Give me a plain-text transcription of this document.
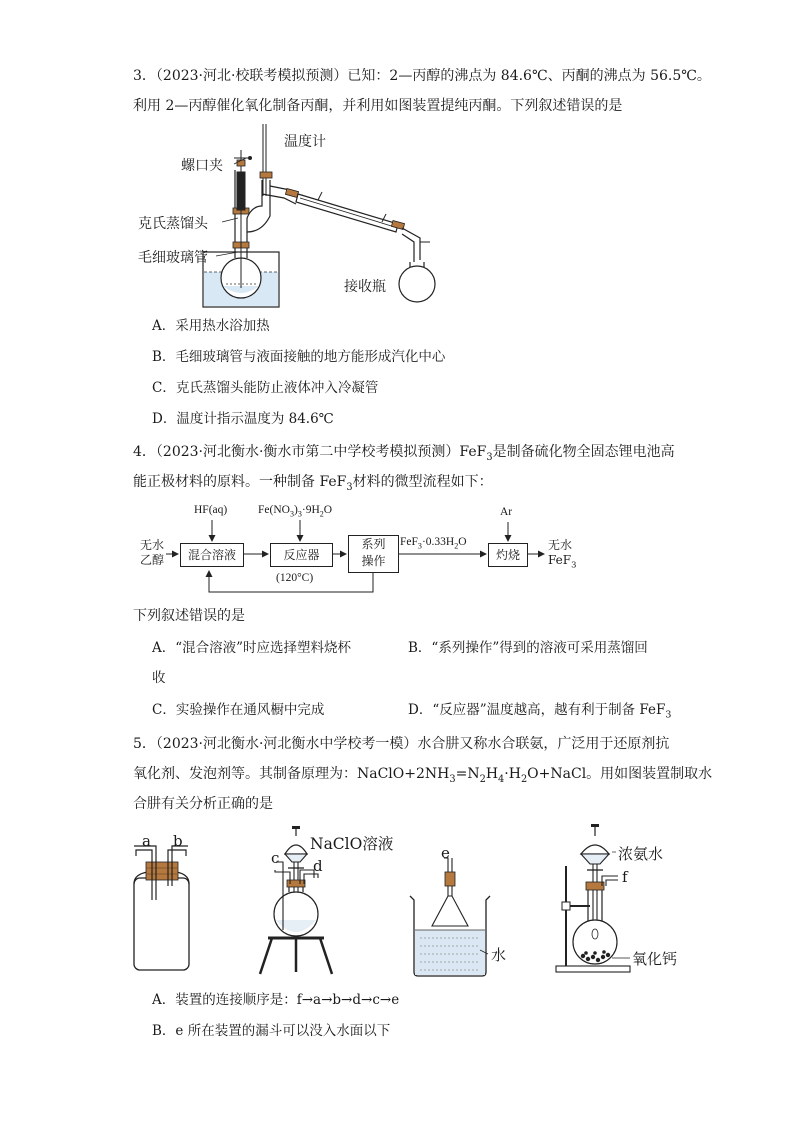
3．（2023·河北·校联考模拟预测）已知：2—丙醇的沸点为 84.6℃、丙酮的沸点为 56.5℃。
利用 2—丙醇催化氧化制备丙酮，并利用如图装置提纯丙酮。下列叙述错误的是
温度计
螺口夹
克氏蒸馏头
毛细玻璃管
接收瓶
A．采用热水浴加热
B．毛细玻璃管与液面接触的地方能形成汽化中心
C．克氏蒸馏头能防止液体冲入冷凝管
D．温度计指示温度为 84.6℃
4．（2023·河北衡水·衡水市第二中学校考模拟预测）FeF$_3$是制备硫化物全固态锂电池高
能正极材料的原料。一种制备 FeF$_3$材料的微型流程如下：
无水
乙醇	混合溶液	反应器
系列
操作	灼烧
无水
FeF$_3$
HF(aq)	$Fe(NO_3)_3\cdot 9H_2O$
(120°C)
$FeF_3\cdot 0.33H_2O$
Ar
下列叙述错误的是
A．“混合溶液”时应选择塑料烧杯	B．“系列操作”得到的溶液可采用蒸馏回
收
C．实验操作在通风橱中完成	D．“反应器”温度越高，越有利于制备 FeF$_3$
5．（2023·河北衡水·河北衡水中学校考一模）水合肼又称水合联氨，广泛用于还原剂抗
氧化剂、发泡剂等。其制备原理为：$NaClO+2NH_3=N_2H_4\cdot H_2O+NaCl$。用如图装置制取水
合肼有关分析正确的是
a b	NaClO溶液
c d
e
水
浓氨水
f
氧化钙
A．装置的连接顺序是：f→a→b→d→c→e
B．e 所在装置的漏斗可以没入水面以下
